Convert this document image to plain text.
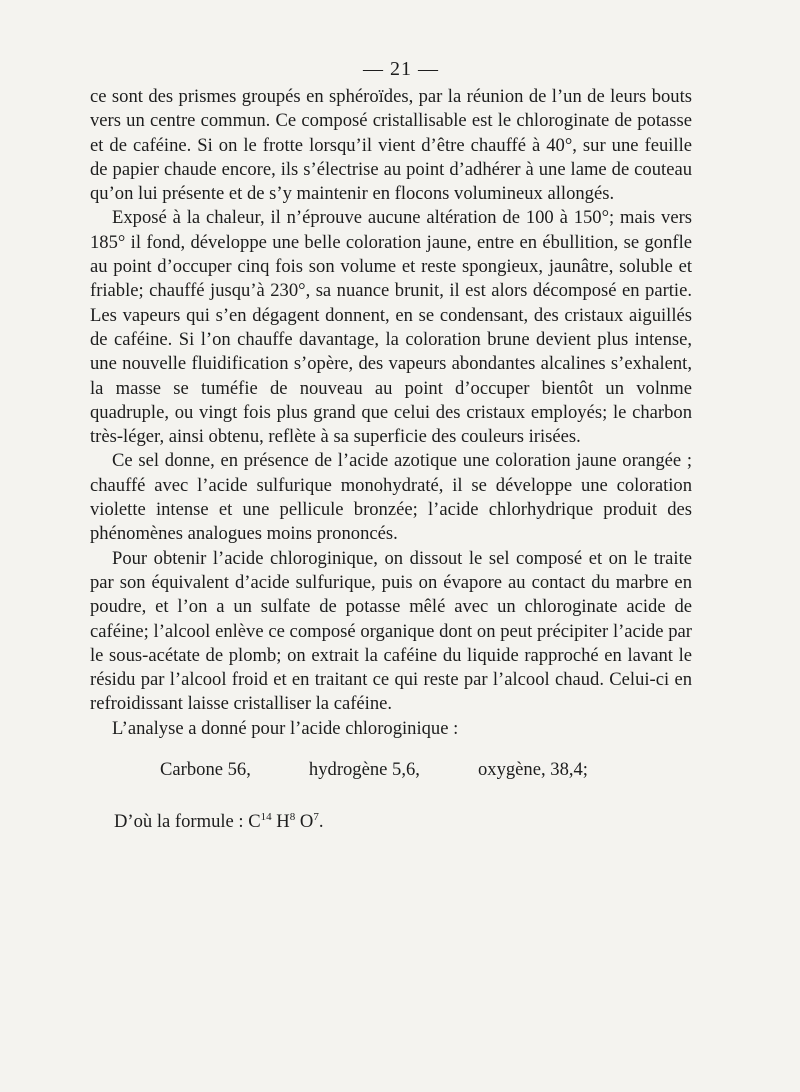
— 21 —

ce sont des prismes groupés en sphéroïdes, par la réunion de l’un de leurs bouts vers un centre commun. Ce composé cristallisable est le chloroginate de potasse et de caféine. Si on le frotte lorsqu’il vient d’être chauffé à 40°, sur une feuille de papier chaude encore, ils s’électrise au point d’adhérer à une lame de couteau qu’on lui présente et de s’y maintenir en flocons volumineux allongés.

Exposé à la chaleur, il n’éprouve aucune altération de 100 à 150°; mais vers 185° il fond, développe une belle coloration jaune, entre en ébullition, se gonfle au point d’occuper cinq fois son volume et reste spongieux, jaunâtre, soluble et friable; chauffé jusqu’à 230°, sa nuance brunit, il est alors décomposé en partie. Les vapeurs qui s’en dégagent donnent, en se condensant, des cristaux aiguillés de caféine. Si l’on chauffe davantage, la coloration brune devient plus intense, une nouvelle fluidification s’opère, des vapeurs abondantes alcalines s’exhalent, la masse se tuméfie de nouveau au point d’occuper bientôt un volnme quadruple, ou vingt fois plus grand que celui des cristaux employés; le charbon très-léger, ainsi obtenu, reflète à sa superficie des couleurs irisées.

Ce sel donne, en présence de l’acide azotique une coloration jaune orangée ; chauffé avec l’acide sulfurique monohydraté, il se développe une coloration violette intense et une pellicule bronzée; l’acide chlorhydrique produit des phénomènes analogues moins prononcés.

Pour obtenir l’acide chloroginique, on dissout le sel composé et on le traite par son équivalent d’acide sulfurique, puis on évapore au contact du marbre en poudre, et l’on a un sulfate de potasse mêlé avec un chloroginate acide de caféine; l’alcool enlève ce composé organique dont on peut précipiter l’acide par le sous-acétate de plomb; on extrait la caféine du liquide rapproché en lavant le résidu par l’alcool froid et en traitant ce qui reste par l’alcool chaud. Celui-ci en refroidissant laisse cristalliser la caféine.

L’analyse a donné pour l’acide chloroginique :

Carbone 56,	hydrogène 5,6,	oxygène, 38,4;
D’où la formule : $C^{14}$ $H^8$ $O^7$.
